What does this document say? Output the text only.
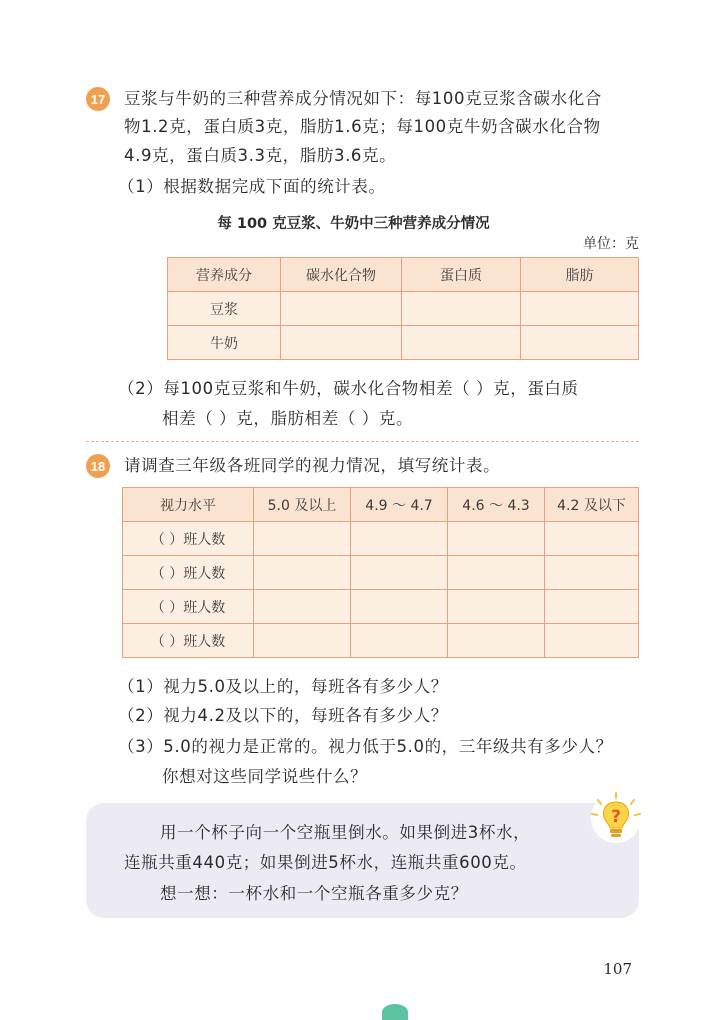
17 豆浆与牛奶的三种营养成分情况如下：每100克豆浆含碳水化合
物1.2克，蛋白质3克，脂肪1.6克；每100克牛奶含碳水化合物
4.9克，蛋白质3.3克，脂肪3.6克。
（1）根据数据完成下面的统计表。
每 100 克豆浆、牛奶中三种营养成分情况
单位：克
营养成分	碳水化合物	蛋白质	脂肪
豆浆			
牛奶			
（2）每100克豆浆和牛奶，碳水化合物相差（ ）克，蛋白质
相差（ ）克，脂肪相差（ ）克。
18 请调查三年级各班同学的视力情况，填写统计表。
视力水平	5.0 及以上	4.9 ～ 4.7	4.6 ～ 4.3	4.2 及以下
（ ）班人数				
（ ）班人数				
（ ）班人数				
（ ）班人数				
（1）视力5.0及以上的，每班各有多少人？
（2）视力4.2及以下的，每班各有多少人？
（3）5.0的视力是正常的。视力低于5.0的，三年级共有多少人？
你想对这些同学说些什么？
用一个杯子向一个空瓶里倒水。如果倒进3杯水，
连瓶共重440克；如果倒进5杯水，连瓶共重600克。
想一想：一杯水和一个空瓶各重多少克？
?
107
